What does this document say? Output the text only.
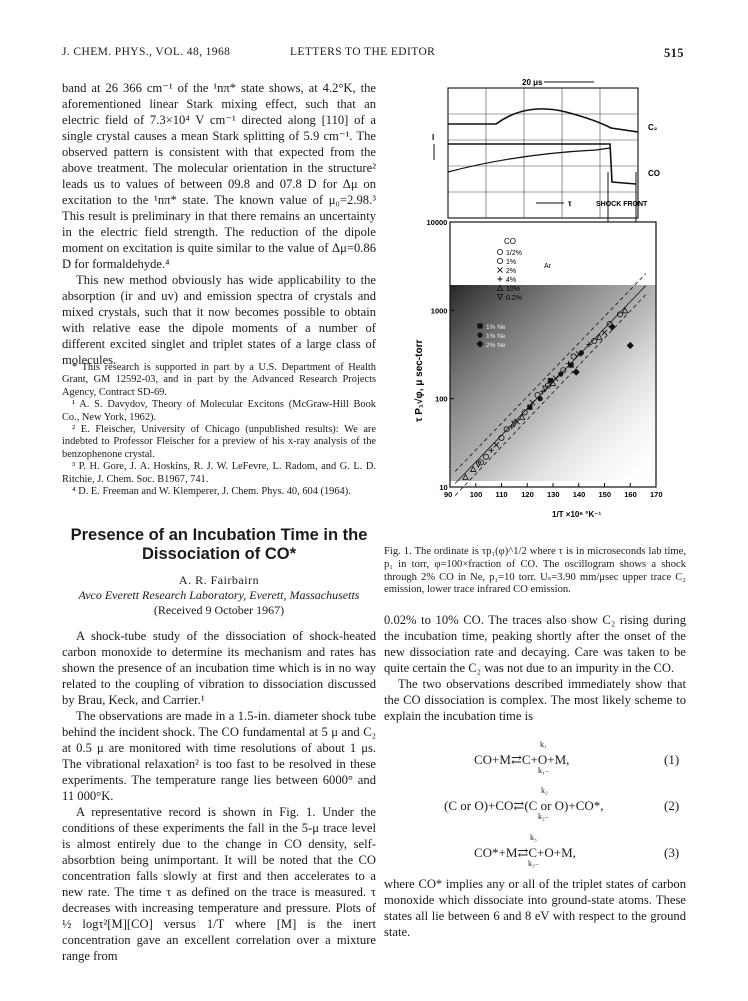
J. CHEM. PHYS., VOL. 48, 1968	LETTERS TO THE EDITOR	515

band at 26 366 cm⁻¹ of the ¹nπ* state shows, at 4.2°K, the aforementioned linear Stark mixing effect, such that an electric field of 7.3×10⁴ V cm⁻¹ directed along [110] of a single crystal causes a mean Stark splitting of 5.9 cm⁻¹. The observed pattern is consistent with that expected from the above treatment. The molecular orientation in the structure² leads us to values of between 09.8 and 07.8 D for Δμ on excitation to the ¹nπ* state. The known value of μ₀=2.98.³ This result is preliminary in that there remains an uncertainty in the electric field strength. The reduction of the dipole moment on excitation is quite similar to the value of Δμ=0.86 D for formaldehyde.⁴

This new method obviously has wide applicability to the absorption (ir and uv) and emission spectra of crystals and mixed crystals, such that it now becomes possible to obtain with relative ease the dipole moments of a number of different excited singlet and triplet states of a large class of molecules.

* This research is supported in part by a U.S. Department of Health Grant, GM 12592-03, and in part by the Advanced Research Projects Agency, Contract SD-69.

¹ A. S. Davydov, Theory of Molecular Excitons (McGraw-Hill Book Co., New York, 1962).

² E. Fleischer, University of Chicago (unpublished results): We are indebted to Professor Fleischer for a preview of his x-ray analysis of the benzophenone crystal.

³ P. H. Gore, J. A. Hoskins, R. J. W. LeFevre, L. Radom, and G. L. D. Ritchie, J. Chem. Soc. B1967, 741.

⁴ D. E. Freeman and W. Klemperer, J. Chem. Phys. 40, 604 (1964).

Presence of an Incubation Time in the Dissociation of CO*
A. R. Fairbairn
Avco Everett Research Laboratory, Everett, Massachusetts
(Received 9 October 1967)

A shock-tube study of the dissociation of shock-heated carbon monoxide to determine its mechanism and rates has shown the presence of an incubation time which is in no way related to the coupling of vibration to dissociation discussed by Brau, Keck, and Carrier.¹

The observations are made in a 1.5-in. diameter shock tube behind the incident shock. The CO fundamental at 5 μ and C₂ at 0.5 μ are monitored with time resolutions of about 1 μs. The vibrational relaxation² is too fast to be resolved in these experiments. The temperature range lies between 6000° and 11 000°K.

A representative record is shown in Fig. 1. Under the conditions of these experiments the fall in the 5-μ trace level is almost entirely due to the change in CO density, self-absorbtion being unimportant. It will be noted that the CO concentration falls slowly at first and then accelerates to a new rate. The time τ as defined on the trace is measured. τ decreases with increasing temperature and pressure. Plots of ½ logτ²[M][CO] versus 1/T where [M] is the inert concentration gave an excellent correlation over a mixture range from

20 μs
C₂
CO
I
τ	SHOCK FRONT
90 100 110 120 130 140 150 160 170
10
100
1000
10000
τ P₁√φ, μ sec-torr
1/T ×10⁶ °K⁻¹
CO
1/2%
1%
2%
4%
10%
0.2%
Ar
1% Ne
1% Ne
2% Ne
Fig. 1. The ordinate is τp₁(φ)^1/2 where τ is in microseconds lab time, p₁ in torr, φ=100×fraction of CO. The oscillogram shows a shock through 2% CO in Ne, p₁=10 torr. Uₛ=3.90 mm/μsec upper trace C₂ emission, lower trace infrared CO emission.

0.02% to 10% CO. The traces also show C₂ rising during the incubation time, peaking shortly after the onset of the new dissociation rate and decaying. Care was taken to be quite certain the C₂ was not due to an impurity in the CO.

The two observations described immediately show that the CO dissociation is complex. The most likely scheme to explain the incubation time is

k₁
CO+M⇄C+O+M,
k₁₋
(1)
k₂
(C or O)+CO⇄(C or O)+CO*,
k₂₋
(2)
k₃
CO*+M⇄C+O+M,
k₃₋
(3)

where CO* implies any or all of the triplet states of carbon monoxide which dissociate into ground-state atoms. These states all lie between 6 and 8 eV with respect to the ground state.
